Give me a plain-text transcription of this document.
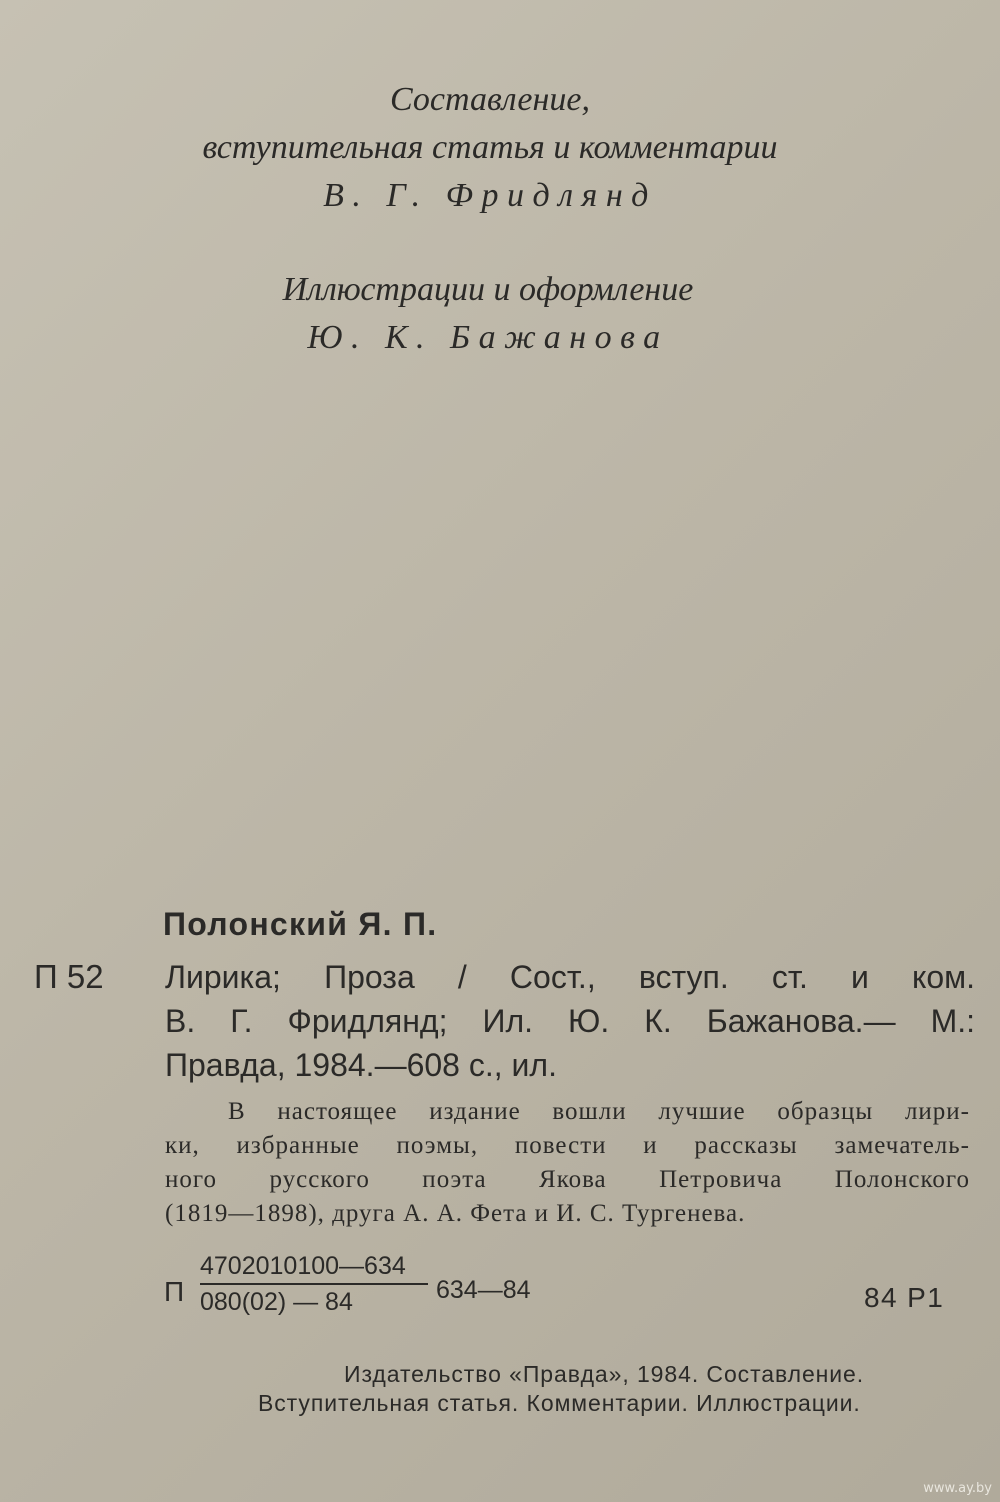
Составление,
вступительная статья и комментарии
В. Г. Фридлянд
Иллюстрации и оформление
Ю. К. Бажанова
Полонский Я. П.
П 52 Лирика; Проза / Сост., вступ. ст. и ком.
В. Г. Фридлянд; Ил. Ю. К. Бажанова.— М.:
Правда, 1984.—608 с., ил.
В настоящее издание вошли лучшие образцы лири-
ки, избранные поэмы, повести и рассказы замечатель-
ного русского поэта Якова Петровича Полонского
(1819—1898), друга А. А. Фета и И. С. Тургенева.
П
4702010100—634
080(02) — 84	634—84	84 Р1
Издательство «Правда», 1984. Составление.
Вступительная статья. Комментарии. Иллюстрации.
www.ay.by
